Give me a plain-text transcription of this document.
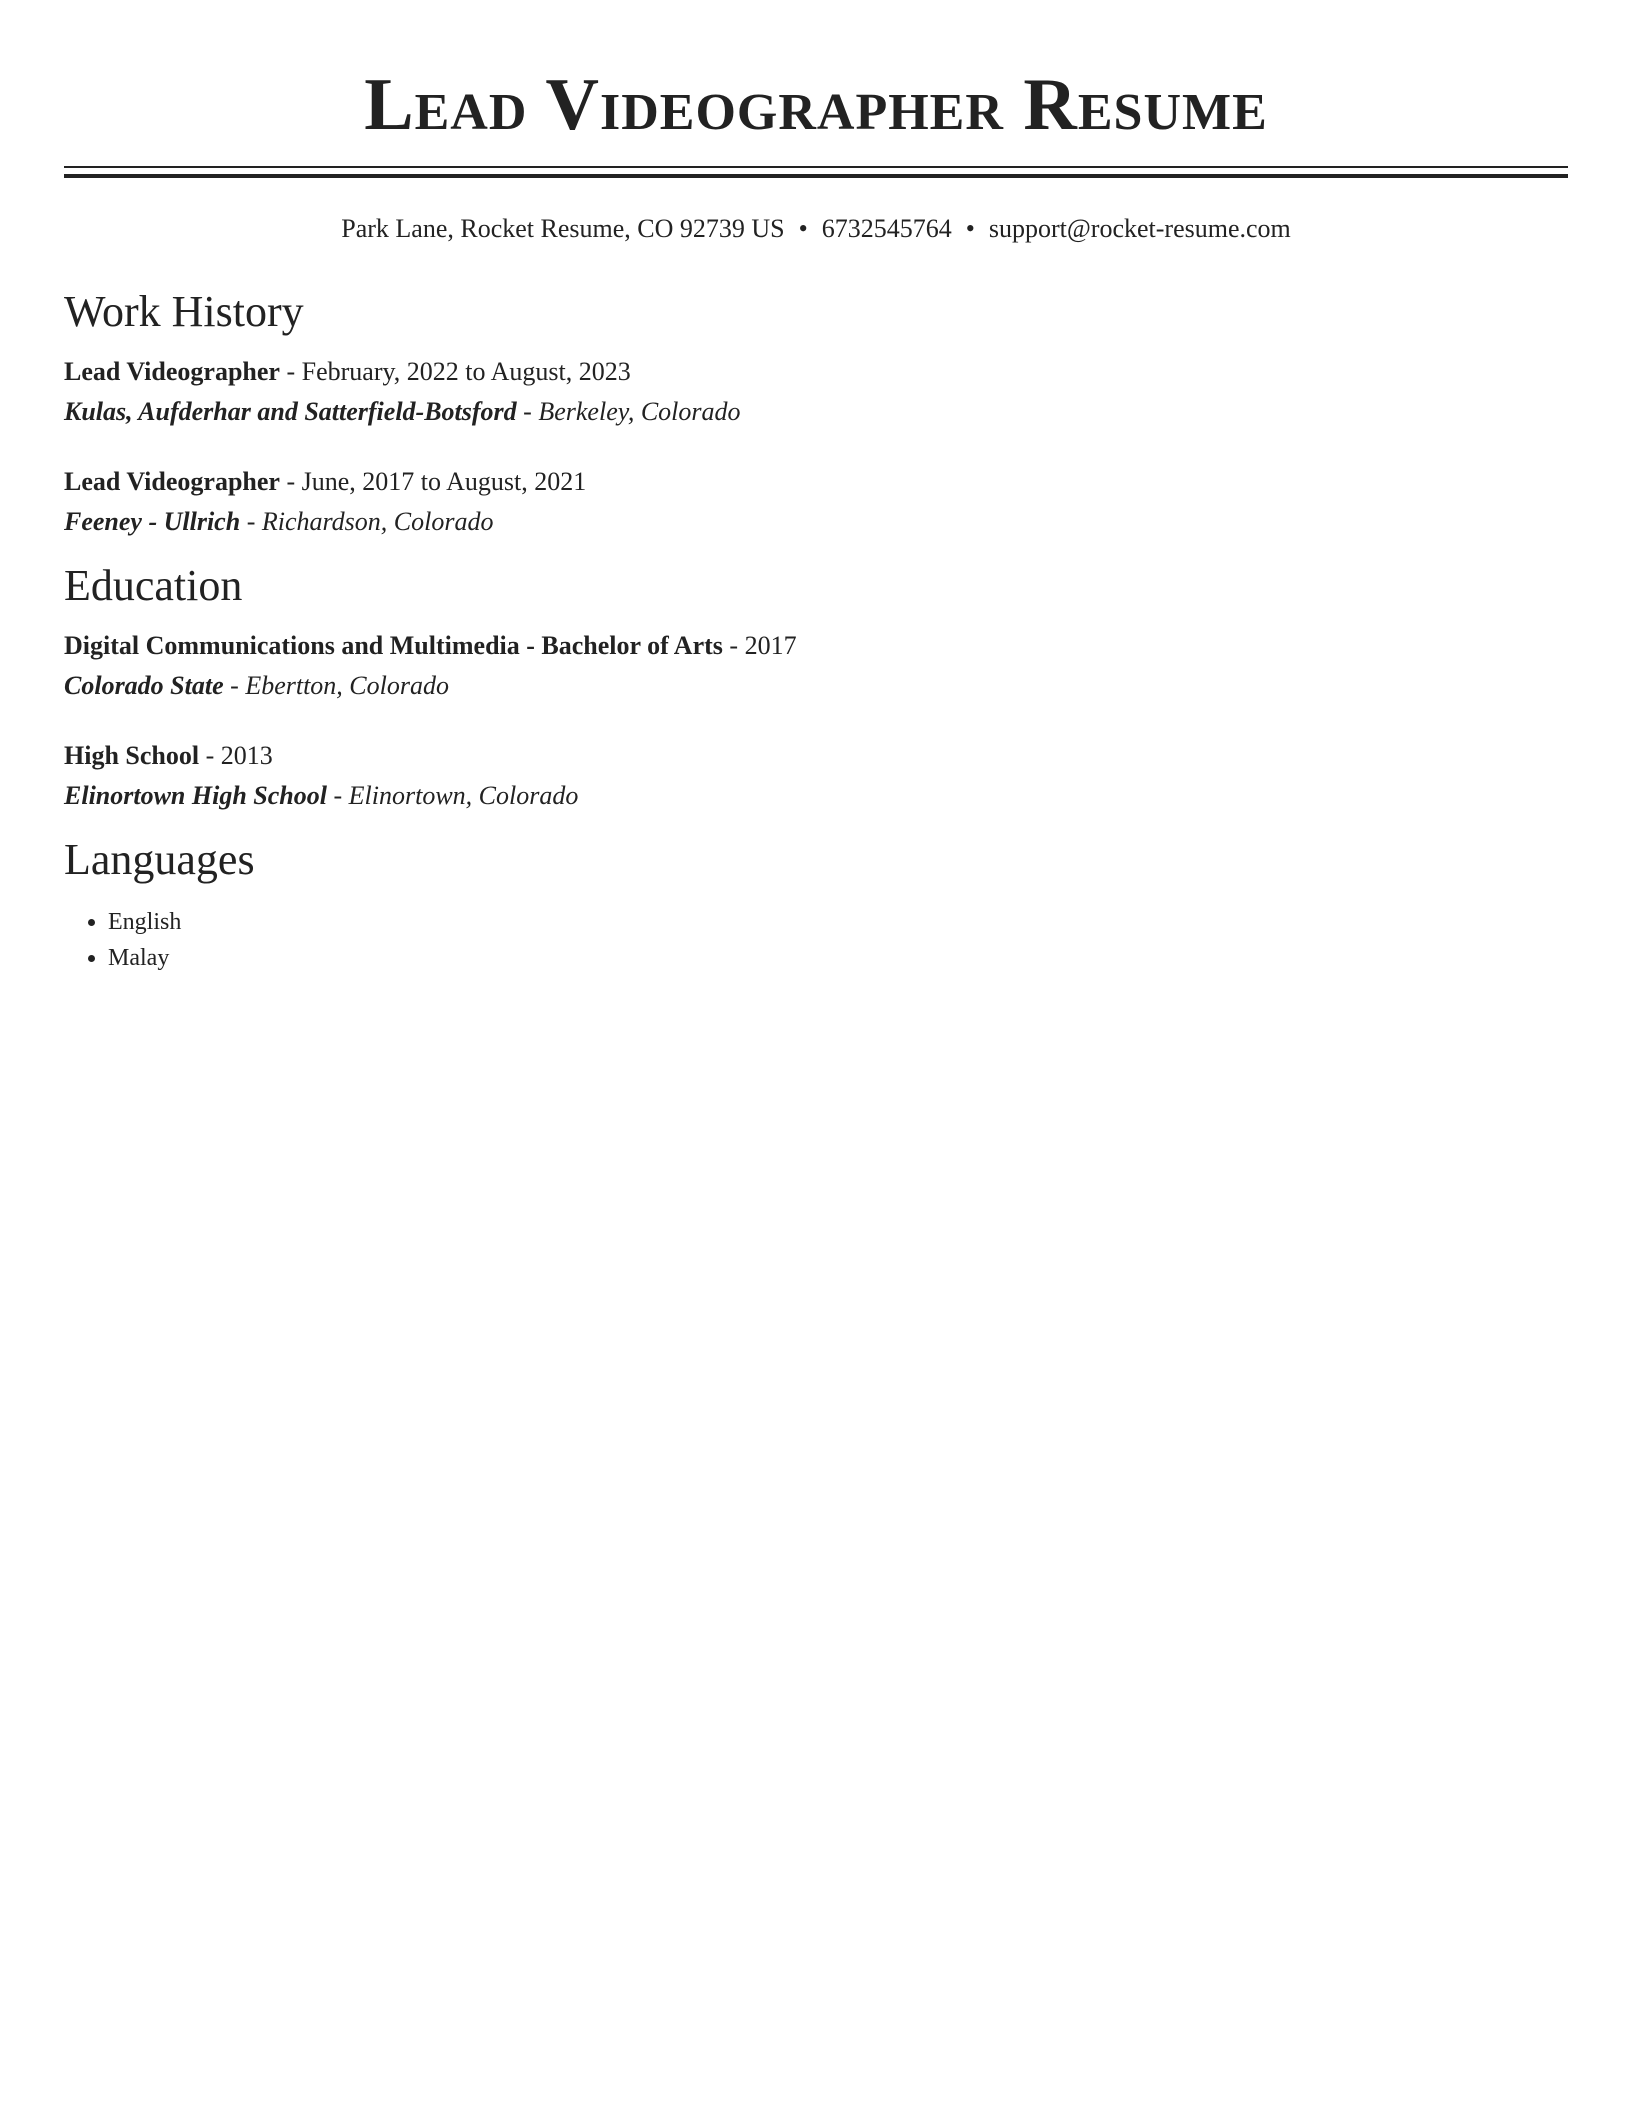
Lead Videographer Resume
Park Lane, Rocket Resume, CO 92739 US • 6732545764 • support@rocket-resume.com
Work History
Lead Videographer - February, 2022 to August, 2023
Kulas, Aufderhar and Satterfield-Botsford - Berkeley, Colorado
Lead Videographer - June, 2017 to August, 2021
Feeney - Ullrich - Richardson, Colorado
Education
Digital Communications and Multimedia - Bachelor of Arts - 2017
Colorado State - Ebertton, Colorado
High School - 2013
Elinortown High School - Elinortown, Colorado
Languages
• English
• Malay
